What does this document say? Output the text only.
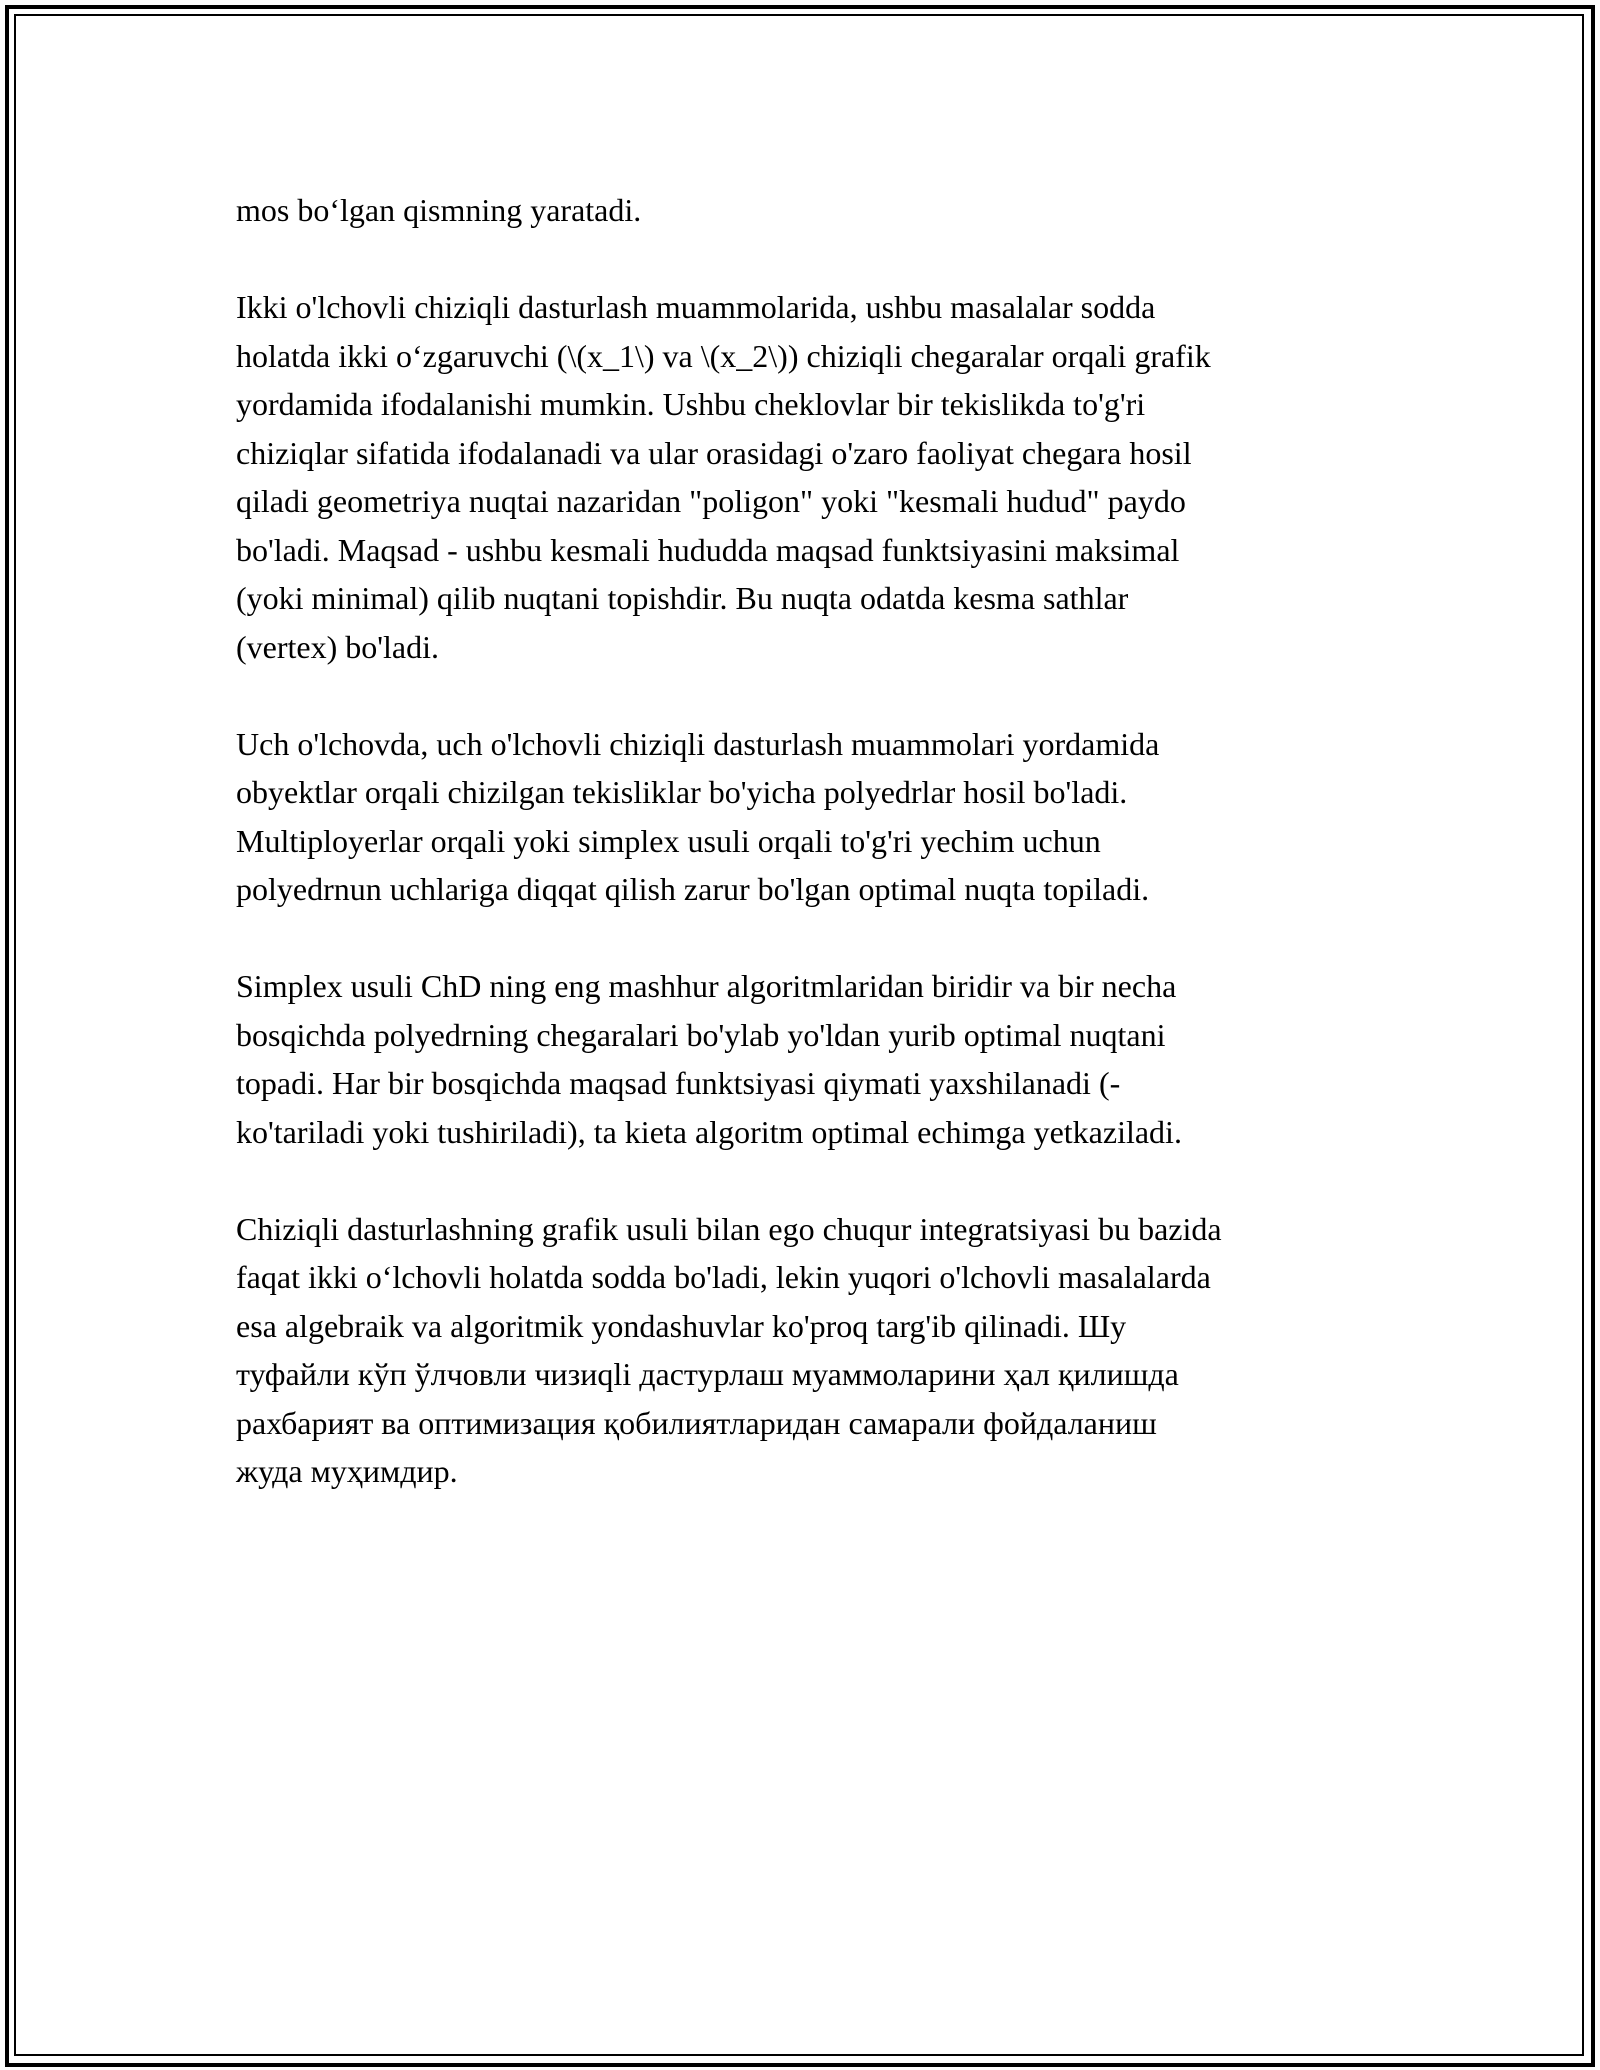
mos bo‘lgan qismning yaratadi.

Ikki o'lchovli chiziqli dasturlash muammolarida, ushbu masalalar sodda
holatda ikki o‘zgaruvchi (\(x_1\) va \(x_2\)) chiziqli chegaralar orqali grafik
yordamida ifodalanishi mumkin. Ushbu cheklovlar bir tekislikda to'g'ri
chiziqlar sifatida ifodalanadi va ular orasidagi o'zaro faoliyat chegara hosil
qiladi geometriya nuqtai nazaridan "poligon" yoki "kesmali hudud" paydo
bo'ladi. Maqsad - ushbu kesmali hududda maqsad funktsiyasini maksimal
(yoki minimal) qilib nuqtani topishdir. Bu nuqta odatda kesma sathlar
(vertex) bo'ladi.

Uch o'lchovda, uch o'lchovli chiziqli dasturlash muammolari yordamida
obyektlar orqali chizilgan tekisliklar bo'yicha polyedrlar hosil bo'ladi.
Multiployerlar orqali yoki simplex usuli orqali to'g'ri yechim uchun
polyedrnun uchlariga diqqat qilish zarur bo'lgan optimal nuqta topiladi.

Simplex usuli ChD ning eng mashhur algoritmlaridan biridir va bir necha
bosqichda polyedrning chegaralari bo'ylab yo'ldan yurib optimal nuqtani
topadi. Har bir bosqichda maqsad funktsiyasi qiymati yaxshilanadi (-
ko'tariladi yoki tushiriladi), ta kieta algoritm optimal echimga yetkaziladi.

Chiziqli dasturlashning grafik usuli bilan ego chuqur integratsiyasi bu bazida
faqat ikki o‘lchovli holatda sodda bo'ladi, lekin yuqori o'lchovli masalalarda
esa algebraik va algoritmik yondashuvlar ko'proq targ'ib qilinadi. Шу
туфайли кўп ўлчовли чизиqli дастурлаш муаммоларини ҳал қилишда
рахбарият ва оптимизация қобилиятларидан самарали фойдаланиш
жуда муҳимдир.
